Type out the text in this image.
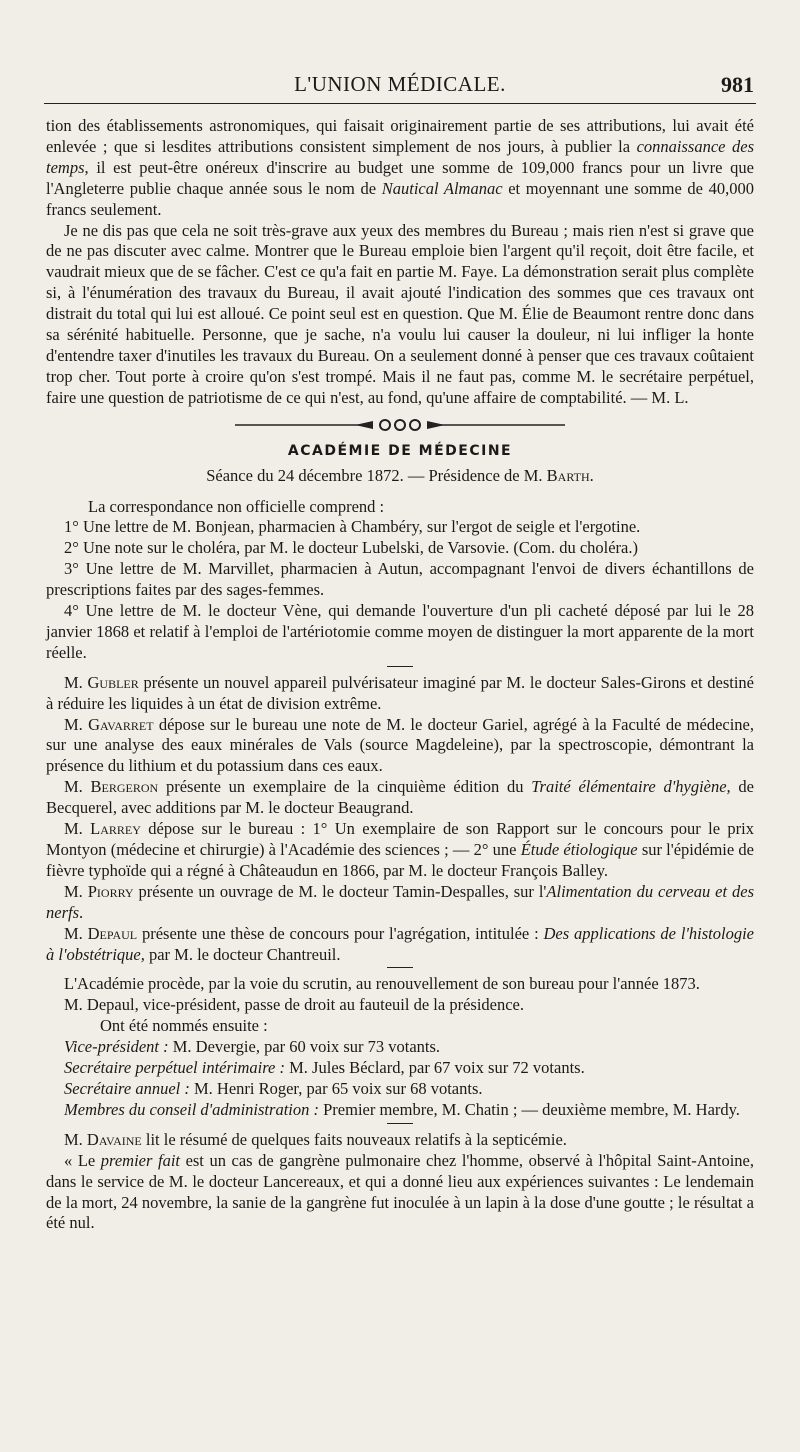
L'UNION MÉDICALE.	981

tion des établissements astronomiques, qui faisait originairement partie de ses attributions, lui avait été enlevée ; que si lesdites attributions consistent simplement de nos jours, à publier la connaissance des temps, il est peut-être onéreux d'inscrire au budget une somme de 109,000 francs pour un livre que l'Angleterre publie chaque année sous le nom de Nautical Almanac et moyennant une somme de 40,000 francs seulement.

Je ne dis pas que cela ne soit très-grave aux yeux des membres du Bureau ; mais rien n'est si grave que de ne pas discuter avec calme. Montrer que le Bureau emploie bien l'argent qu'il reçoit, doit être facile, et vaudrait mieux que de se fâcher. C'est ce qu'a fait en partie M. Faye. La démonstration serait plus complète si, à l'énumération des travaux du Bureau, il avait ajouté l'indication des sommes que ces travaux ont distrait du total qui lui est alloué. Ce point seul est en question. Que M. Élie de Beaumont rentre donc dans sa sérénité habituelle. Personne, que je sache, n'a voulu lui causer la douleur, ni lui infliger la honte d'entendre taxer d'inutiles les travaux du Bureau. On a seulement donné à penser que ces travaux coûtaient trop cher. Tout porte à croire qu'on s'est trompé. Mais il ne faut pas, comme M. le secrétaire perpétuel, faire une question de patriotisme de ce qui n'est, au fond, qu'une affaire de comptabilité. — M. L.

ACADÉMIE DE MÉDECINE
Séance du 24 décembre 1872. — Présidence de M. Barth.

La correspondance non officielle comprend :

1° Une lettre de M. Bonjean, pharmacien à Chambéry, sur l'ergot de seigle et l'ergotine.

2° Une note sur le choléra, par M. le docteur Lubelski, de Varsovie. (Com. du choléra.)

3° Une lettre de M. Marvillet, pharmacien à Autun, accompagnant l'envoi de divers échantillons de prescriptions faites par des sages-femmes.

4° Une lettre de M. le docteur Vène, qui demande l'ouverture d'un pli cacheté déposé par lui le 28 janvier 1868 et relatif à l'emploi de l'artériotomie comme moyen de distinguer la mort apparente de la mort réelle.

M. Gubler présente un nouvel appareil pulvérisateur imaginé par M. le docteur Sales-Girons et destiné à réduire les liquides à un état de division extrême.

M. Gavarret dépose sur le bureau une note de M. le docteur Gariel, agrégé à la Faculté de médecine, sur une analyse des eaux minérales de Vals (source Magdeleine), par la spectroscopie, démontrant la présence du lithium et du potassium dans ces eaux.

M. Bergeron présente un exemplaire de la cinquième édition du Traité élémentaire d'hygiène, de Becquerel, avec additions par M. le docteur Beaugrand.

M. Larrey dépose sur le bureau : 1° Un exemplaire de son Rapport sur le concours pour le prix Montyon (médecine et chirurgie) à l'Académie des sciences ; — 2° une Étude étiologique sur l'épidémie de fièvre typhoïde qui a régné à Châteaudun en 1866, par M. le docteur François Balley.

M. Piorry présente un ouvrage de M. le docteur Tamin-Despalles, sur l'Alimentation du cerveau et des nerfs.

M. Depaul présente une thèse de concours pour l'agrégation, intitulée : Des applications de l'histologie à l'obstétrique, par M. le docteur Chantreuil.

L'Académie procède, par la voie du scrutin, au renouvellement de son bureau pour l'année 1873.

M. Depaul, vice-président, passe de droit au fauteuil de la présidence.

Ont été nommés ensuite :

Vice-président : M. Devergie, par 60 voix sur 73 votants.

Secrétaire perpétuel intérimaire : M. Jules Béclard, par 67 voix sur 72 votants.

Secrétaire annuel : M. Henri Roger, par 65 voix sur 68 votants.

Membres du conseil d'administration : Premier membre, M. Chatin ; — deuxième membre, M. Hardy.

M. Davaine lit le résumé de quelques faits nouveaux relatifs à la septicémie.

« Le premier fait est un cas de gangrène pulmonaire chez l'homme, observé à l'hôpital Saint-Antoine, dans le service de M. le docteur Lancereaux, et qui a donné lieu aux expériences suivantes : Le lendemain de la mort, 24 novembre, la sanie de la gangrène fut inoculée à un lapin à la dose d'une goutte ; le résultat a été nul.
